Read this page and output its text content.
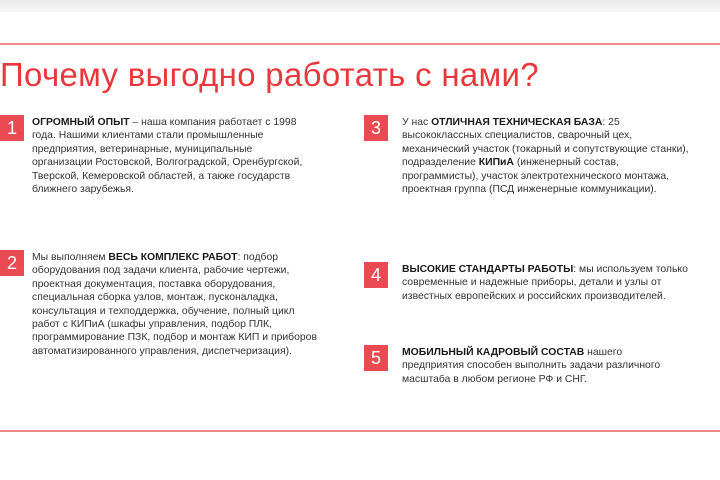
Почему выгодно работать с нами?
1	ОГРОМНЫЙ ОПЫТ – наша компания работает с 1998 года. Нашими клиентами стали промышленные предприятия, ветеринарные, муниципальные организации Ростовской, Волгоградской, Оренбургской, Тверской, Кемеровской областей, а также государств ближнего зарубежья.
2	Мы выполняем ВЕСЬ КОМПЛЕКС РАБОТ: подбор оборудования под задачи клиента, рабочие чертежи, проектная документация, поставка оборудования, специальная сборка узлов, монтаж, пусконаладка, консультация и техподдержка, обучение, полный цикл работ с КИПиА (шкафы управления, подбор ПЛК, программирование ПЗК, подбор и монтаж КИП и приборов автоматизированного управления, диспетчеризация).
3	У нас ОТЛИЧНАЯ ТЕХНИЧЕСКАЯ БАЗА: 25 высококлассных специалистов, сварочный цех, механический участок (токарный и сопутствующие станки), подразделение КИПиА (инженерный состав, программисты), участок электротехнического монтажа, проектная группа (ПСД инженерные коммуникации).
4	ВЫСОКИЕ СТАНДАРТЫ РАБОТЫ: мы используем только современные и надежные приборы, детали и узлы от известных европейских и российских производителей.
5	МОБИЛЬНЫЙ КАДРОВЫЙ СОСТАВ нашего предприятия способен выполнить задачи различного масштаба в любом регионе РФ и СНГ.
